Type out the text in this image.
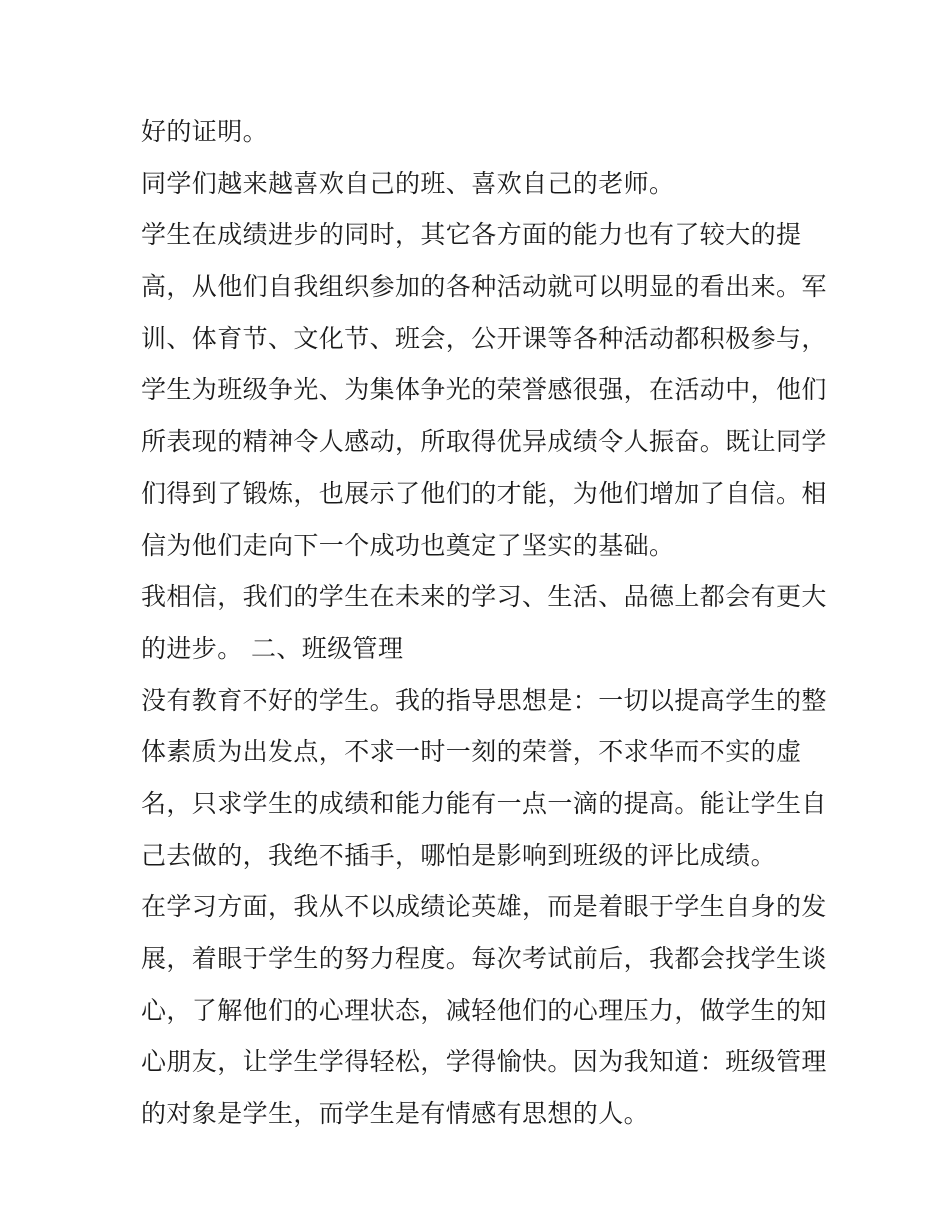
好的证明。
同学们越来越喜欢自己的班、喜欢自己的老师。
学生在成绩进步的同时，其它各方面的能力也有了较大的提
高，从他们自我组织参加的各种活动就可以明显的看出来。军
训、体育节、文化节、班会，公开课等各种活动都积极参与，
学生为班级争光、为集体争光的荣誉感很强，在活动中，他们
所表现的精神令人感动，所取得优异成绩令人振奋。既让同学
们得到了锻炼，也展示了他们的才能，为他们增加了自信。相
信为他们走向下一个成功也奠定了坚实的基础。
我相信，我们的学生在未来的学习、生活、品德上都会有更大
的进步。 二、班级管理
没有教育不好的学生。我的指导思想是：一切以提高学生的整
体素质为出发点，不求一时一刻的荣誉，不求华而不实的虚
名，只求学生的成绩和能力能有一点一滴的提高。能让学生自
己去做的，我绝不插手，哪怕是影响到班级的评比成绩。
在学习方面，我从不以成绩论英雄，而是着眼于学生自身的发
展，着眼于学生的努力程度。每次考试前后，我都会找学生谈
心，了解他们的心理状态，减轻他们的心理压力，做学生的知
心朋友，让学生学得轻松，学得愉快。因为我知道：班级管理
的对象是学生，而学生是有情感有思想的人。
